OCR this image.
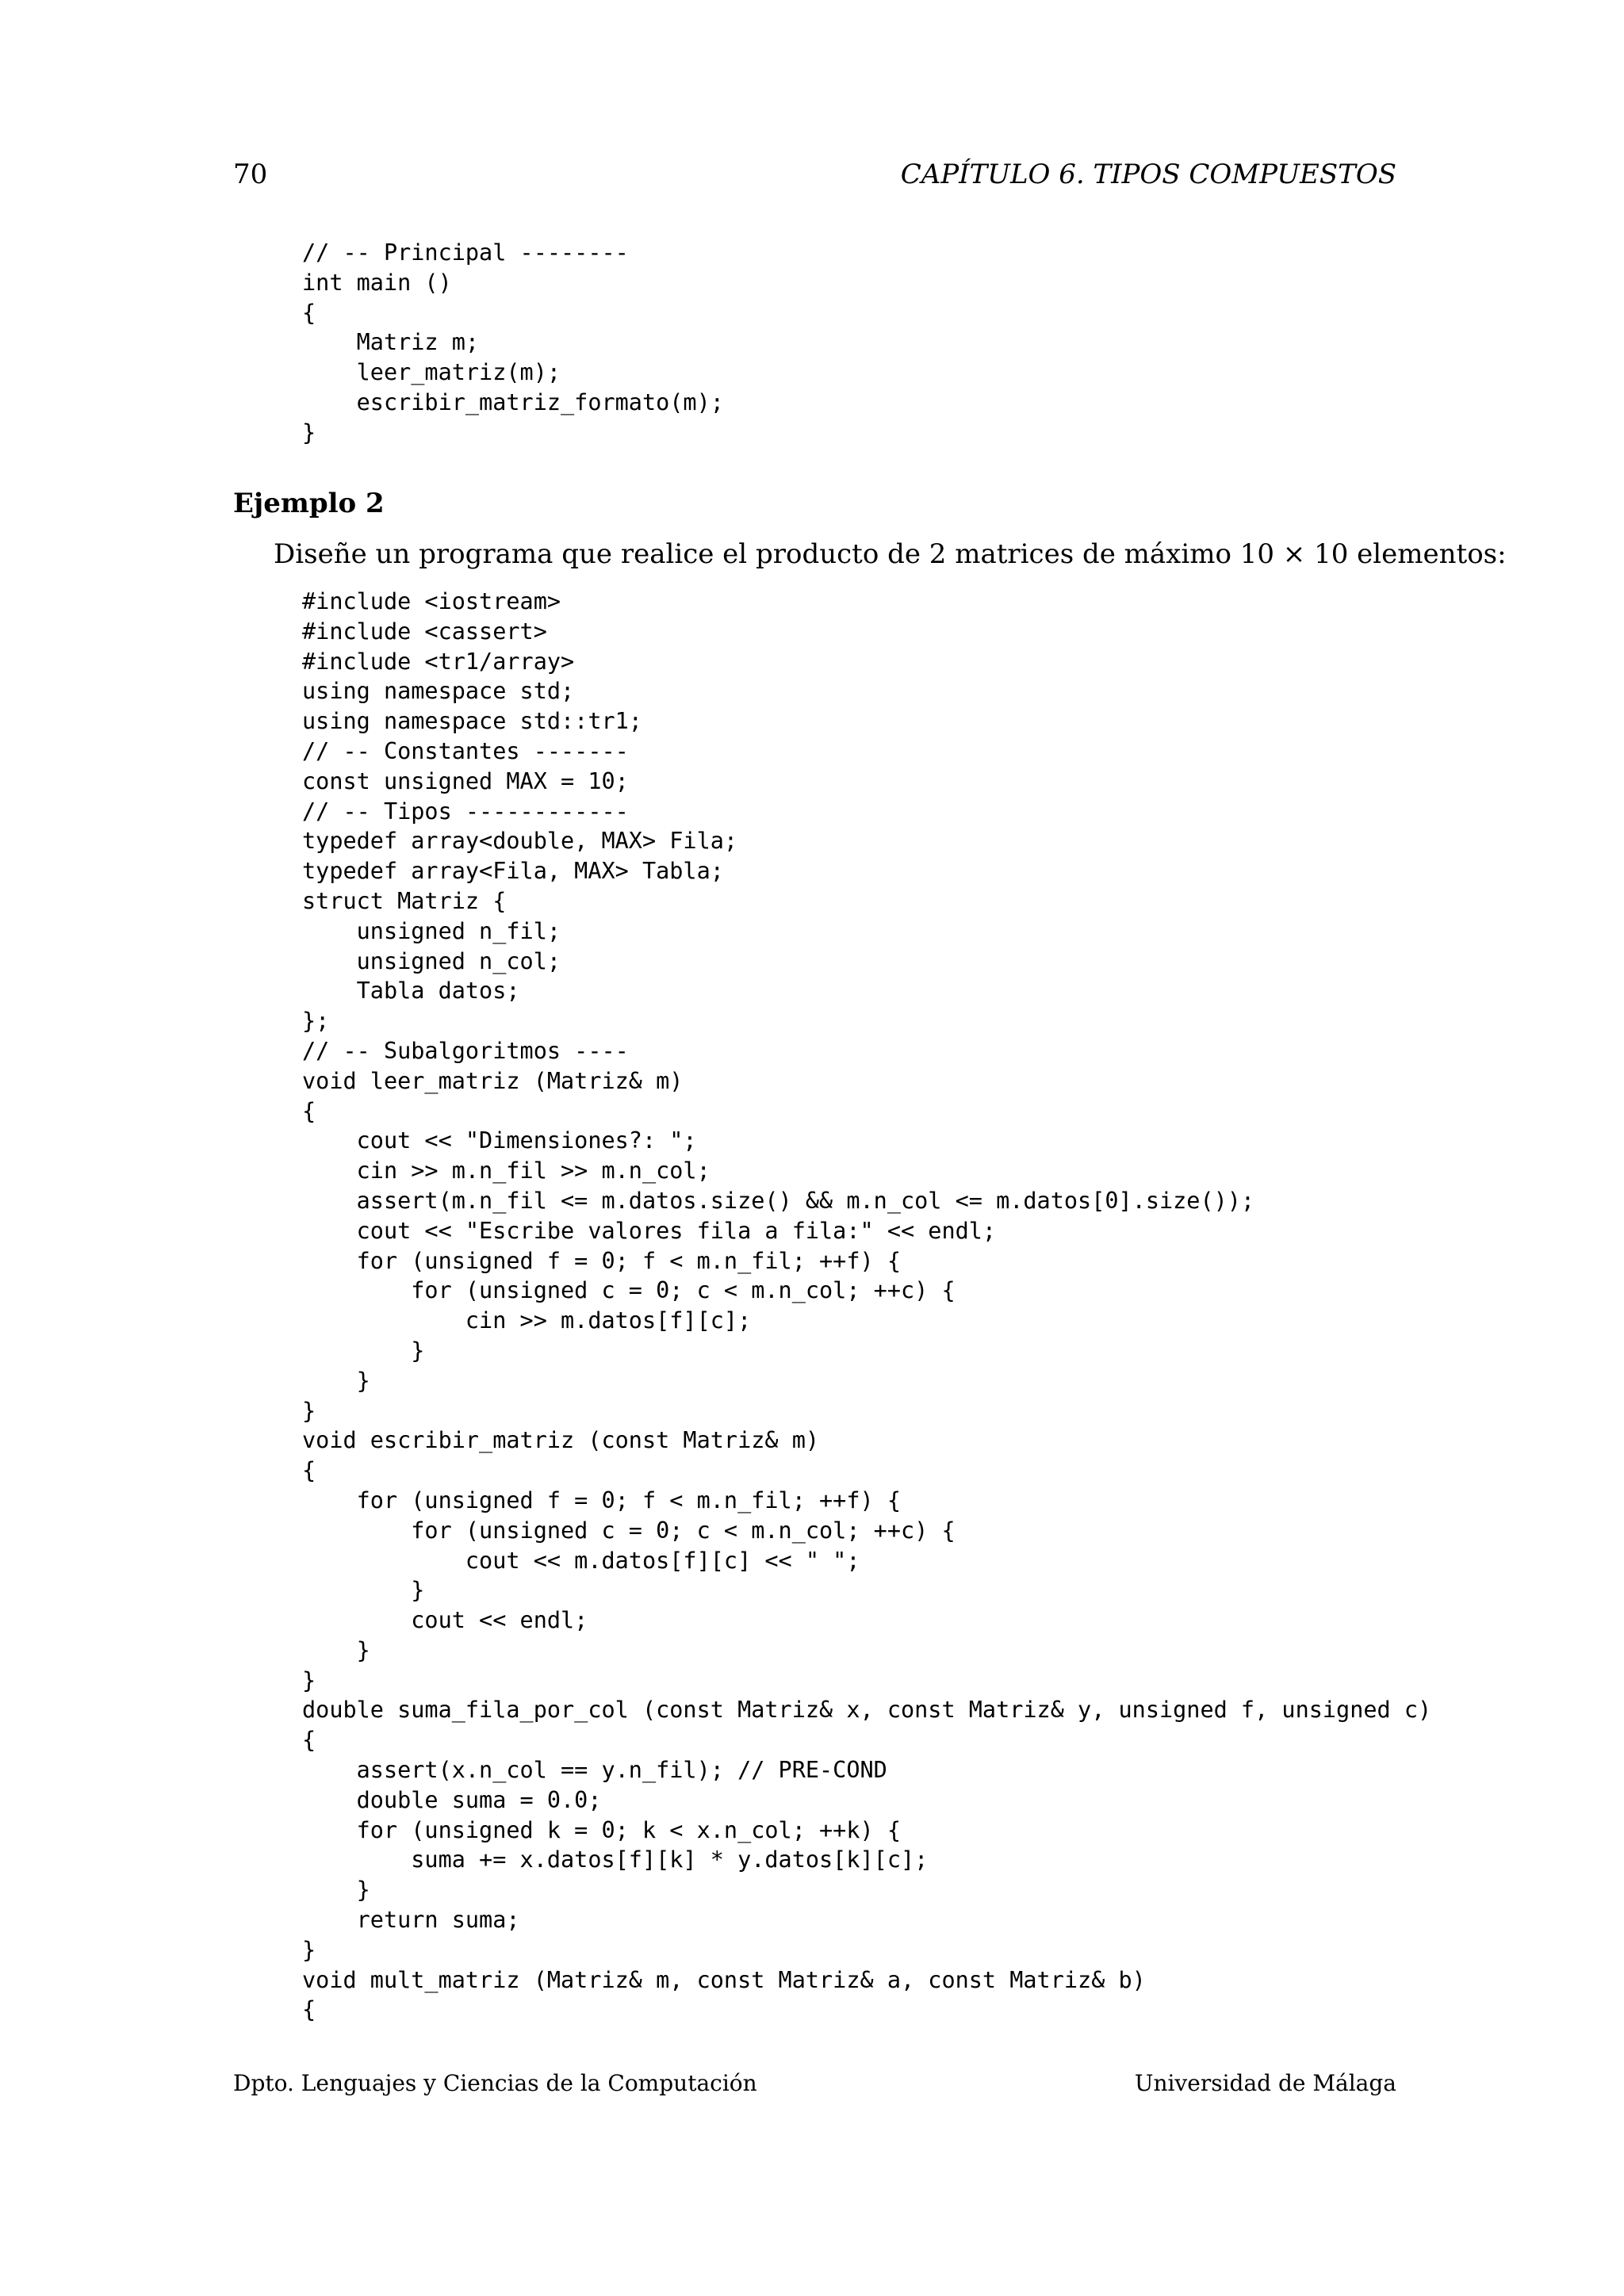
70	CAPÍTULO 6. TIPOS COMPUESTOS
// -- Principal --------
int main ()
{
Matriz m;
leer_matriz(m);
escribir_matriz_formato(m);
}
Ejemplo 2
Diseñe un programa que realice el producto de 2 matrices de máximo 10 × 10 elementos:
#include <iostream>
#include <cassert>
#include <tr1/array>
using namespace std;
using namespace std::tr1;
// -- Constantes -------
const unsigned MAX = 10;
// -- Tipos ------------
typedef array<double, MAX> Fila;
typedef array<Fila, MAX> Tabla;
struct Matriz {
unsigned n_fil;
unsigned n_col;
Tabla datos;
};
// -- Subalgoritmos ----
void leer_matriz (Matriz& m)
{
cout << "Dimensiones?: ";
cin >> m.n_fil >> m.n_col;
assert(m.n_fil <= m.datos.size() && m.n_col <= m.datos[0].size());
cout << "Escribe valores fila a fila:" << endl;
for (unsigned f = 0; f < m.n_fil; ++f) {
for (unsigned c = 0; c < m.n_col; ++c) {
cin >> m.datos[f][c];
}
}
}
void escribir_matriz (const Matriz& m)
{
for (unsigned f = 0; f < m.n_fil; ++f) {
for (unsigned c = 0; c < m.n_col; ++c) {
cout << m.datos[f][c] << " ";
}
cout << endl;
}
}
double suma_fila_por_col (const Matriz& x, const Matriz& y, unsigned f, unsigned c)
{
assert(x.n_col == y.n_fil); // PRE-COND
double suma = 0.0;
for (unsigned k = 0; k < x.n_col; ++k) {
suma += x.datos[f][k] * y.datos[k][c];
}
return suma;
}
void mult_matriz (Matriz& m, const Matriz& a, const Matriz& b)
{
Dpto. Lenguajes y Ciencias de la Computación	Universidad de Málaga
